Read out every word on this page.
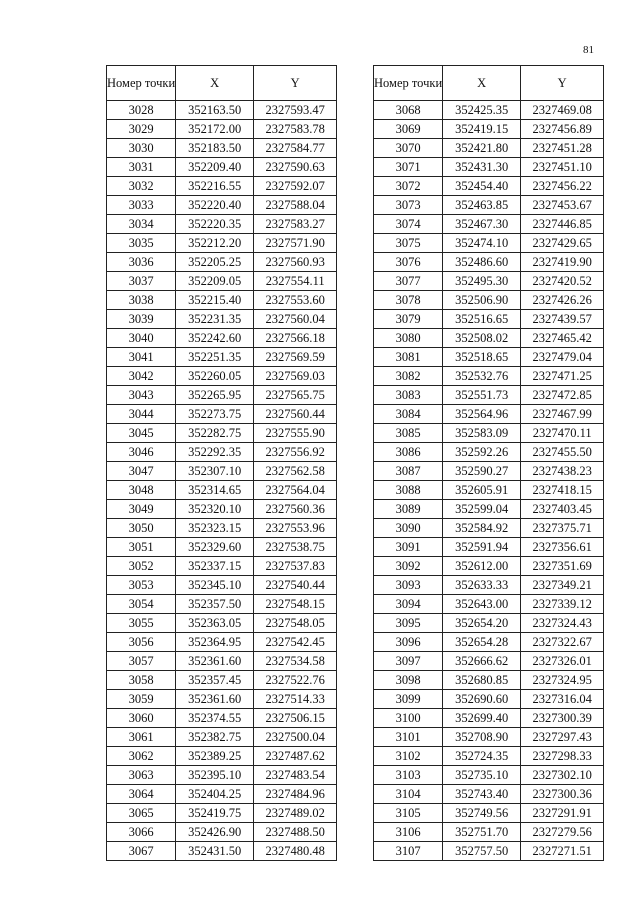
81
Номер точки	X	Y
3028	352163.50	2327593.47
3029	352172.00	2327583.78
3030	352183.50	2327584.77
3031	352209.40	2327590.63
3032	352216.55	2327592.07
3033	352220.40	2327588.04
3034	352220.35	2327583.27
3035	352212.20	2327571.90
3036	352205.25	2327560.93
3037	352209.05	2327554.11
3038	352215.40	2327553.60
3039	352231.35	2327560.04
3040	352242.60	2327566.18
3041	352251.35	2327569.59
3042	352260.05	2327569.03
3043	352265.95	2327565.75
3044	352273.75	2327560.44
3045	352282.75	2327555.90
3046	352292.35	2327556.92
3047	352307.10	2327562.58
3048	352314.65	2327564.04
3049	352320.10	2327560.36
3050	352323.15	2327553.96
3051	352329.60	2327538.75
3052	352337.15	2327537.83
3053	352345.10	2327540.44
3054	352357.50	2327548.15
3055	352363.05	2327548.05
3056	352364.95	2327542.45
3057	352361.60	2327534.58
3058	352357.45	2327522.76
3059	352361.60	2327514.33
3060	352374.55	2327506.15
3061	352382.75	2327500.04
3062	352389.25	2327487.62
3063	352395.10	2327483.54
3064	352404.25	2327484.96
3065	352419.75	2327489.02
3066	352426.90	2327488.50
3067	352431.50	2327480.48
Номер точки	X	Y
3068	352425.35	2327469.08
3069	352419.15	2327456.89
3070	352421.80	2327451.28
3071	352431.30	2327451.10
3072	352454.40	2327456.22
3073	352463.85	2327453.67
3074	352467.30	2327446.85
3075	352474.10	2327429.65
3076	352486.60	2327419.90
3077	352495.30	2327420.52
3078	352506.90	2327426.26
3079	352516.65	2327439.57
3080	352508.02	2327465.42
3081	352518.65	2327479.04
3082	352532.76	2327471.25
3083	352551.73	2327472.85
3084	352564.96	2327467.99
3085	352583.09	2327470.11
3086	352592.26	2327455.50
3087	352590.27	2327438.23
3088	352605.91	2327418.15
3089	352599.04	2327403.45
3090	352584.92	2327375.71
3091	352591.94	2327356.61
3092	352612.00	2327351.69
3093	352633.33	2327349.21
3094	352643.00	2327339.12
3095	352654.20	2327324.43
3096	352654.28	2327322.67
3097	352666.62	2327326.01
3098	352680.85	2327324.95
3099	352690.60	2327316.04
3100	352699.40	2327300.39
3101	352708.90	2327297.43
3102	352724.35	2327298.33
3103	352735.10	2327302.10
3104	352743.40	2327300.36
3105	352749.56	2327291.91
3106	352751.70	2327279.56
3107	352757.50	2327271.51
